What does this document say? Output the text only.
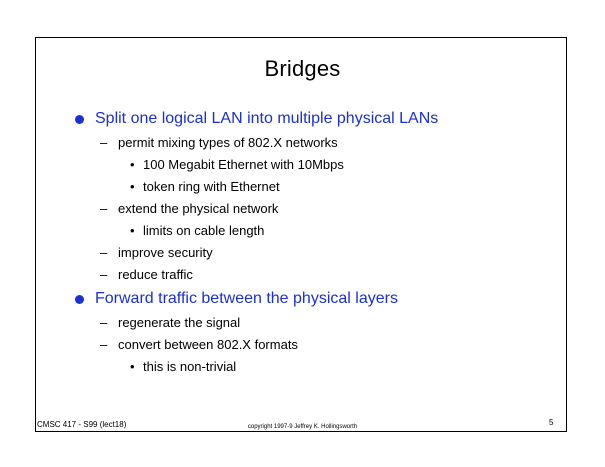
Bridges
Split one logical LAN into multiple physical LANs
– permit mixing types of 802.X networks
• 100 Megabit Ethernet with 10Mbps
• token ring with Ethernet
– extend the physical network
• limits on cable length
– improve security
– reduce traffic
Forward traffic between the physical layers
– regenerate the signal
– convert between 802.X formats
• this is non-trivial
CMSC 417 - S99 (lect18)	copyright 1997-9 Jeffrey K. Hollingsworth	5
